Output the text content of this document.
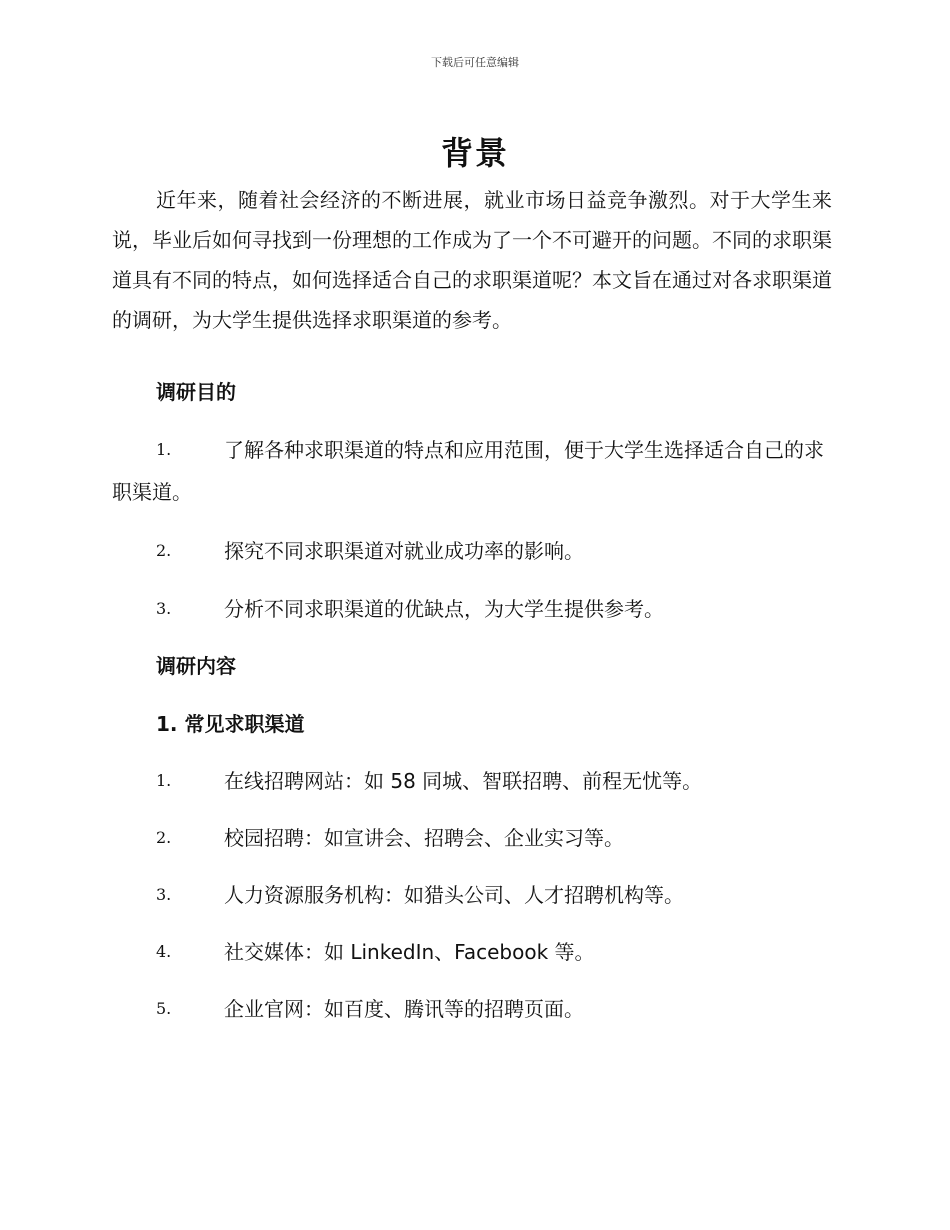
下载后可任意编辑
背景
近年来，随着社会经济的不断进展，就业市场日益竞争激烈。对于大学生来说，毕业后如何寻找到一份理想的工作成为了一个不可避开的问题。不同的求职渠道具有不同的特点，如何选择适合自己的求职渠道呢？本文旨在通过对各求职渠道的调研，为大学生提供选择求职渠道的参考。
调研目的
1.	了解各种求职渠道的特点和应用范围，便于大学生选择适合自己的求职渠道。
2.	探究不同求职渠道对就业成功率的影响。
3.	分析不同求职渠道的优缺点，为大学生提供参考。
调研内容
1. 常见求职渠道
1.	在线招聘网站：如 58 同城、智联招聘、前程无忧等。
2.	校园招聘：如宣讲会、招聘会、企业实习等。
3.	人力资源服务机构：如猎头公司、人才招聘机构等。
4.	社交媒体：如 LinkedIn、Facebook 等。
5.	企业官网：如百度、腾讯等的招聘页面。
